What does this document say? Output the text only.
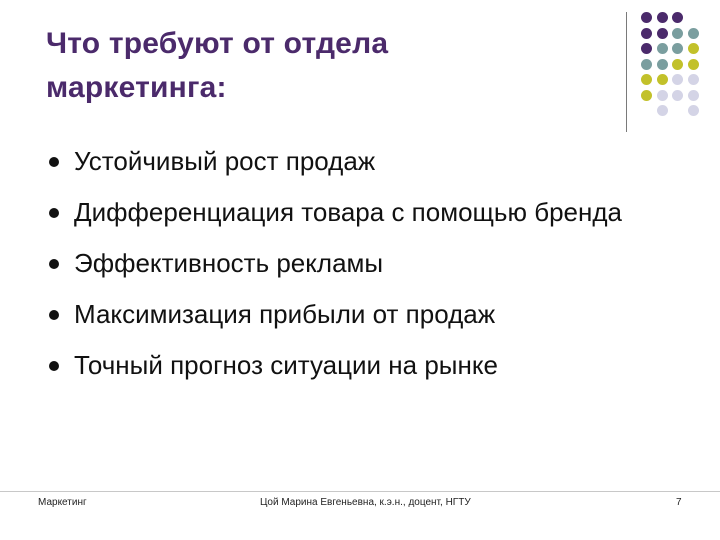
Что требуют от отдела
маркетинга:
Устойчивый рост продаж
Дифференциация товара с помощью бренда
Эффективность рекламы
Максимизация прибыли от продаж
Точный прогноз ситуации на рынке
Маркетинг	Цой Марина Евгеньевна, к.э.н., доцент, НГТУ	7
